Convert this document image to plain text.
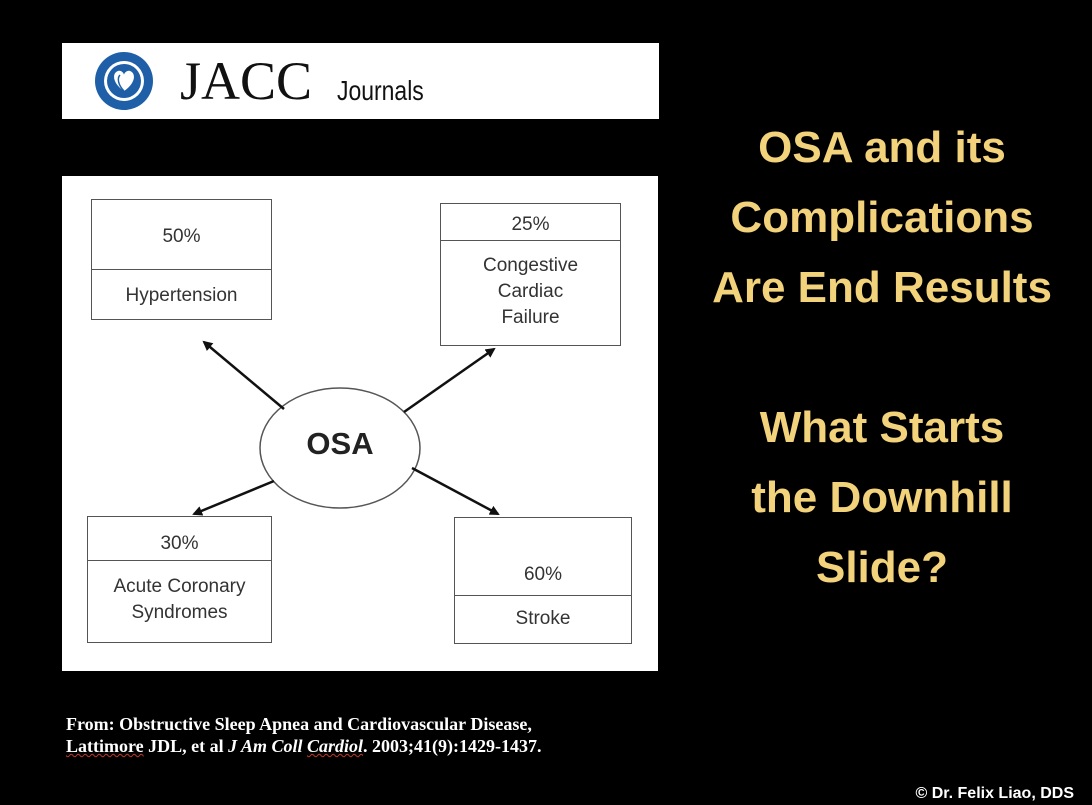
JACC Journals
OSA
50%
Hypertension
25%
Congestive
Cardiac
Failure
30%
Acute Coronary
Syndromes
60%
Stroke
From: Obstructive Sleep Apnea and Cardiovascular Disease,
Lattimore JDL, et al J Am Coll Cardiol. 2003;41(9):1429-1437.
OSA and its
Complications
Are End Results
What Starts
the Downhill
Slide?
© Dr. Felix Liao, DDS
